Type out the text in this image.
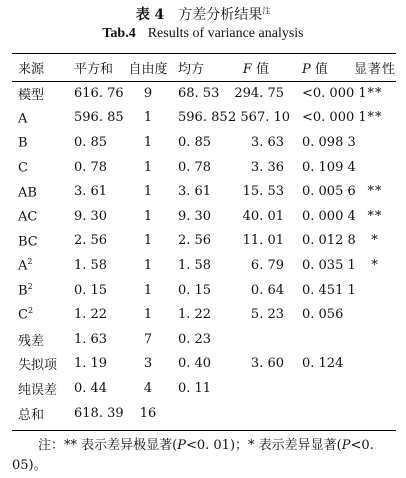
表 4 方差分析结果$^注$
Tab.4 Results of variance analysis
来源	平方和	自由度	均方	F 值	P 值	显著性
模型	616. 76	9	68. 53	294. 75	<0. 000 1	**
A	596. 85	1	596. 85	2 567. 10	<0. 000 1	**
B	0. 85	1	0. 85	3. 63	0. 098 3	
C	0. 78	1	0. 78	3. 36	0. 109 4	
AB	3. 61	1	3. 61	15. 53	0. 005 6	**
AC	9. 30	1	9. 30	40. 01	0. 000 4	**
BC	2. 56	1	2. 56	11. 01	0. 012 8	*
$A^2$	1. 58	1	1. 58	6. 79	0. 035 1	*
$B^2$	0. 15	1	0. 15	0. 64	0. 451 1	
$C^2$	1. 22	1	1. 22	5. 23	0. 056	
残差	1. 63	7	0. 23			
失拟项	1. 19	3	0. 40	3. 60	0. 124	
纯误差	0. 44	4	0. 11			
总和	618. 39	16				
注：** 表示差异极显著(P<0. 01)；* 表示差异显著(P<0. 05)。
